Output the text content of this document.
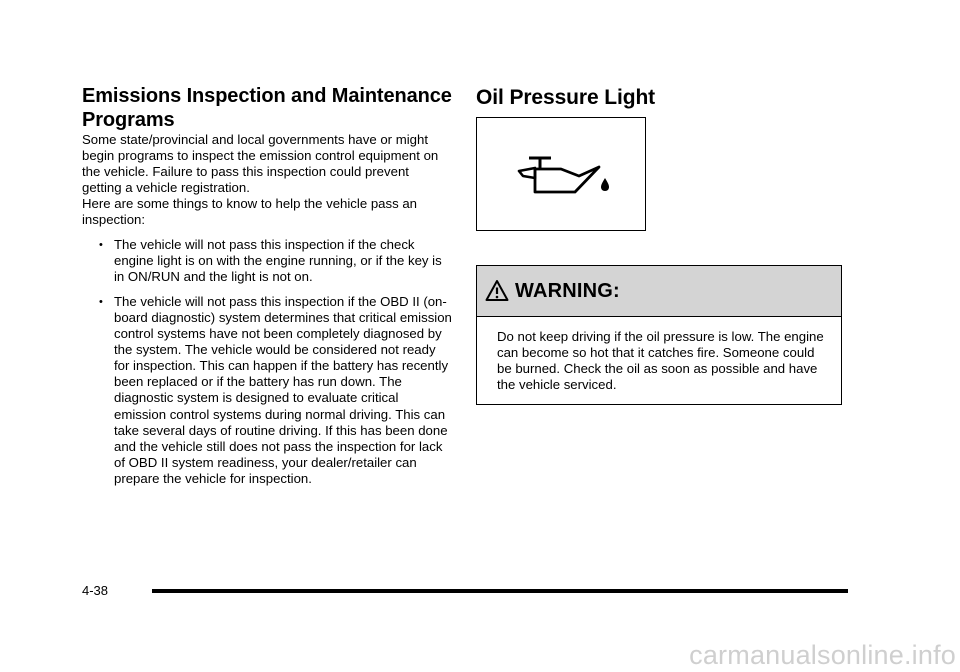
Emissions Inspection and Maintenance Programs

Some state/provincial and local governments have or might begin programs to inspect the emission control equipment on the vehicle. Failure to pass this inspection could prevent getting a vehicle registration.

Here are some things to know to help the vehicle pass an inspection:

• The vehicle will not pass this inspection if the check engine light is on with the engine running, or if the key is in ON/RUN and the light is not on.
• The vehicle will not pass this inspection if the OBD II (on-board diagnostic) system determines that critical emission control systems have not been completely diagnosed by the system. The vehicle would be considered not ready for inspection. This can happen if the battery has recently been replaced or if the battery has run down. The diagnostic system is designed to evaluate critical emission control systems during normal driving. This can take several days of routine driving. If this has been done and the vehicle still does not pass the inspection for lack of OBD II system readiness, your dealer/retailer can prepare the vehicle for inspection.
Oil Pressure Light
WARNING:
Do not keep driving if the oil pressure is low. The engine can become so hot that it catches fire. Someone could be burned. Check the oil as soon as possible and have the vehicle serviced.
4-38
carmanualsonline.info
